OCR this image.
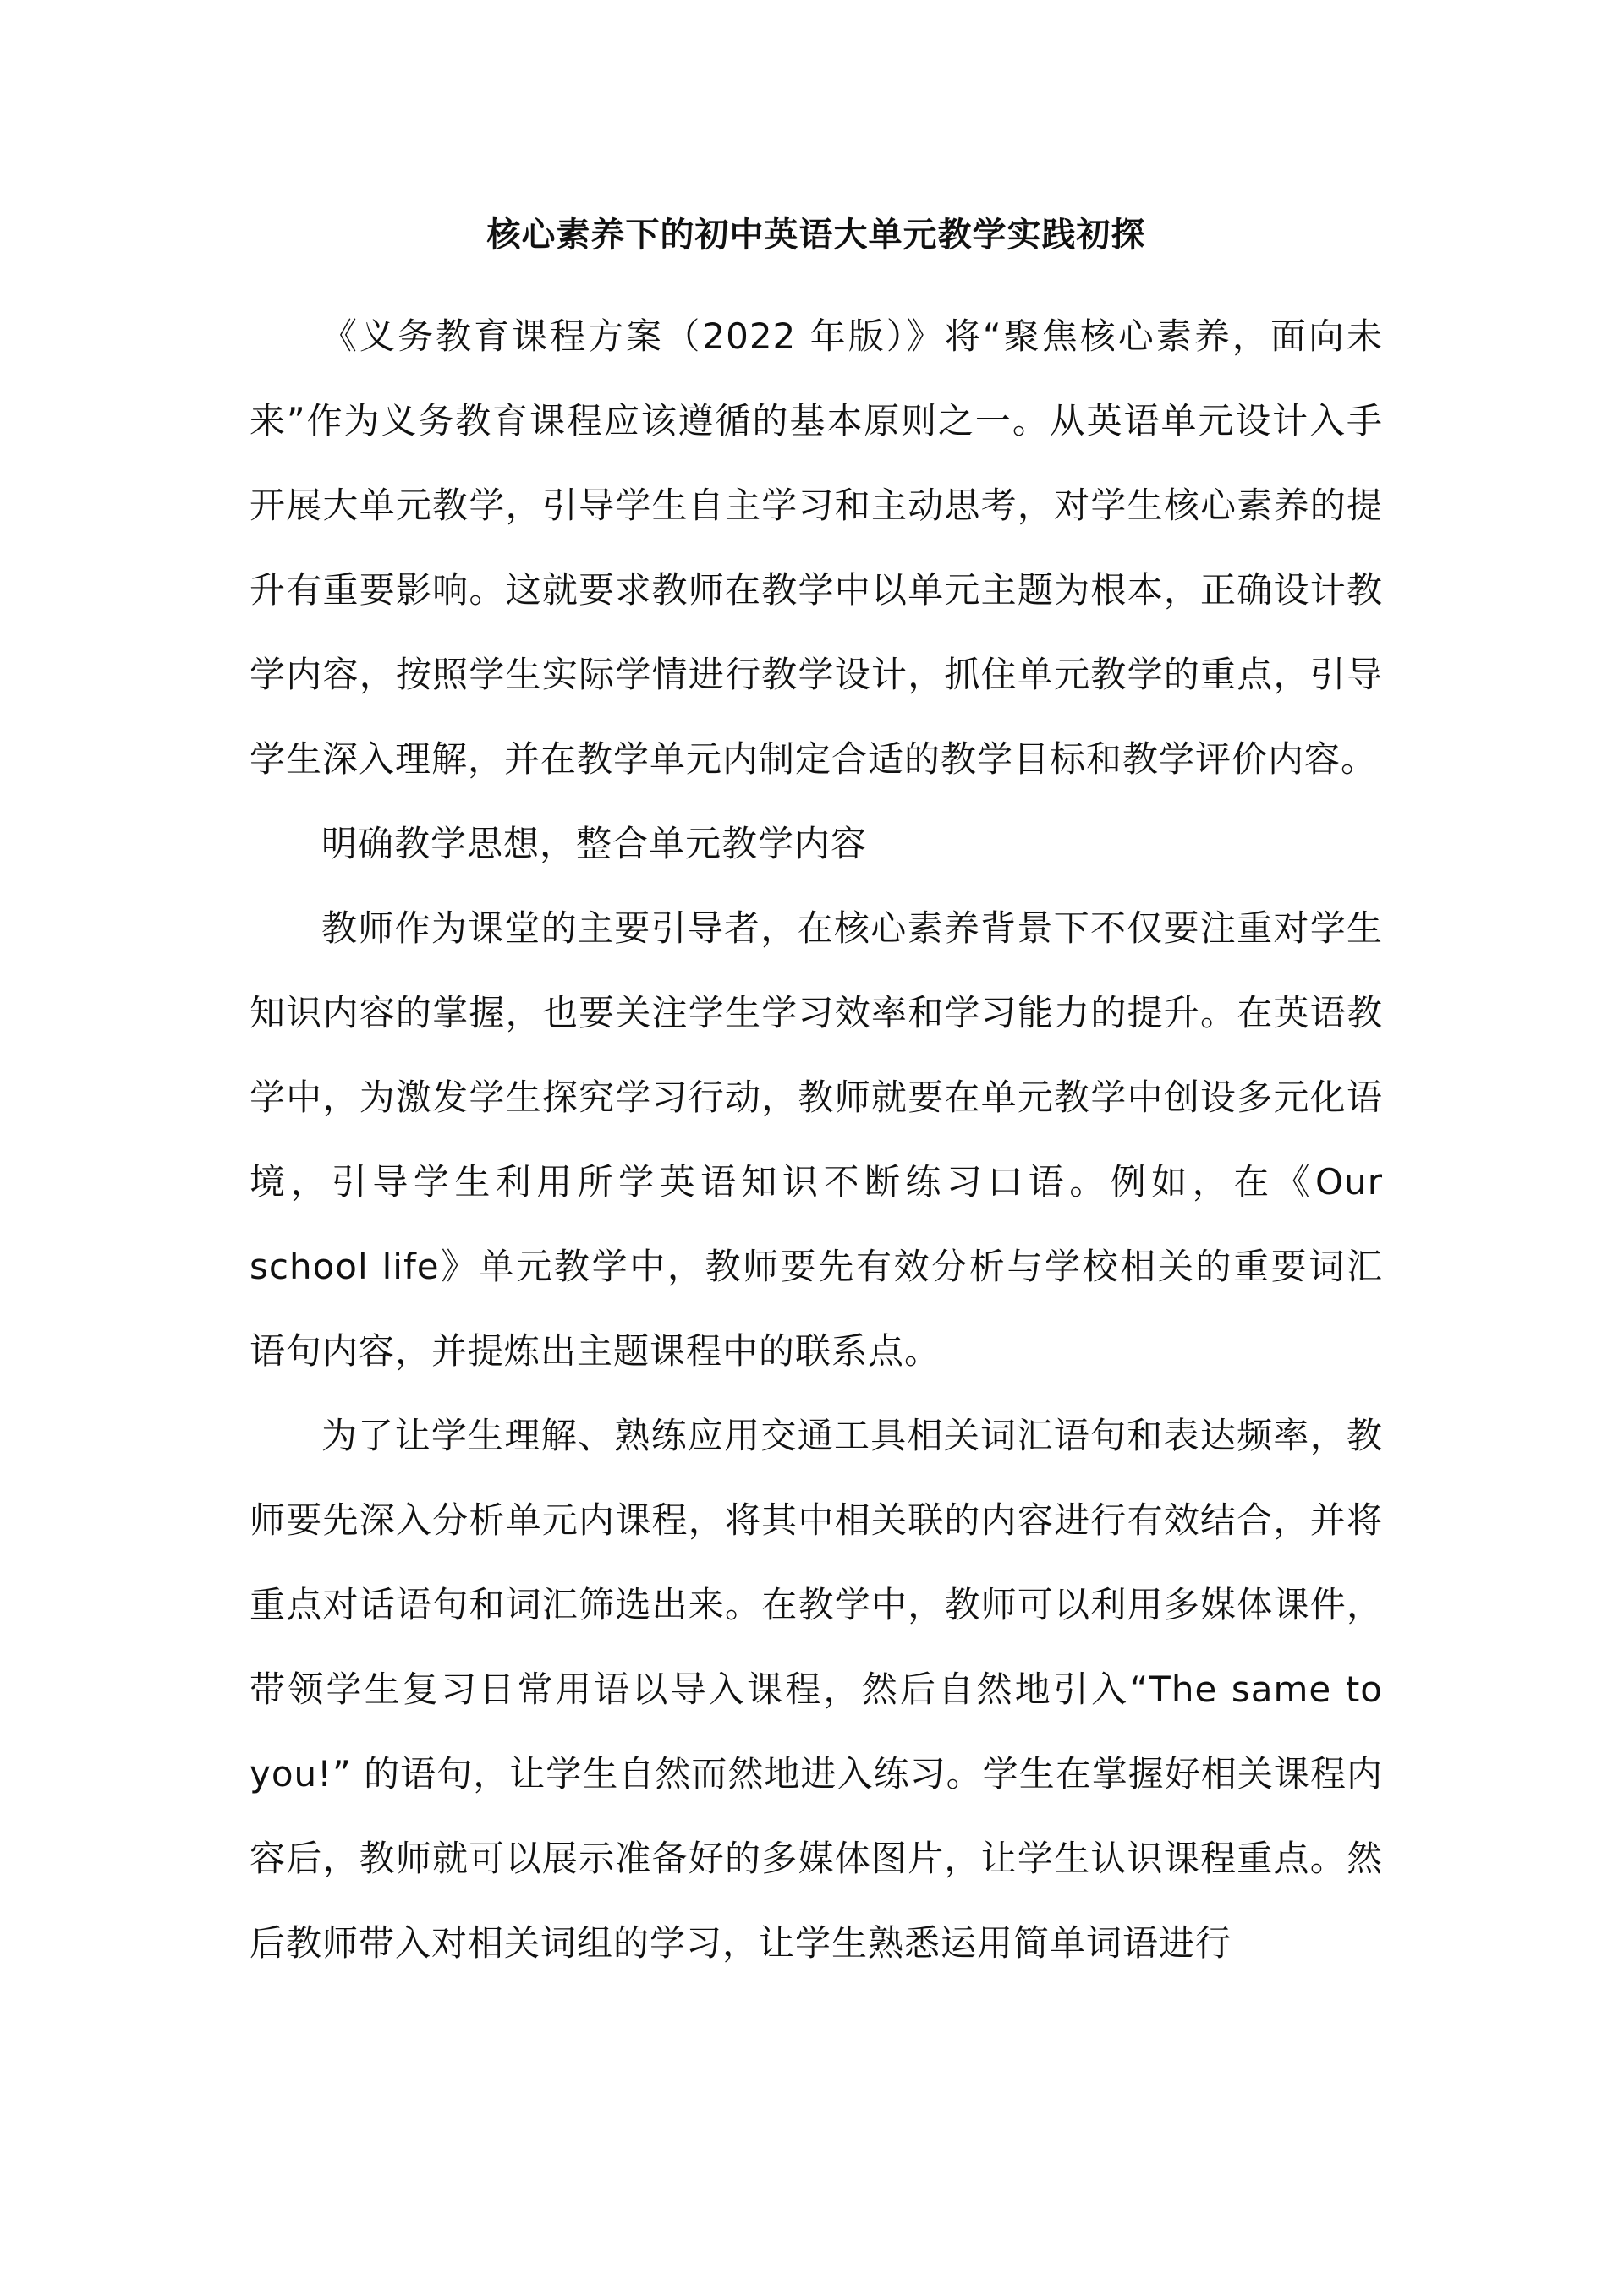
核心素养下的初中英语大单元教学实践初探

《义务教育课程方案（2022 年版）》将“聚焦核心素养，面向未来”作为义务教育课程应该遵循的基本原则之一。从英语单元设计入手开展大单元教学，引导学生自主学习和主动思考，对学生核心素养的提升有重要影响。这就要求教师在教学中以单元主题为根本，正确设计教学内容，按照学生实际学情进行教学设计，抓住单元教学的重点，引导学生深入理解，并在教学单元内制定合适的教学目标和教学评价内容。

明确教学思想，整合单元教学内容

教师作为课堂的主要引导者，在核心素养背景下不仅要注重对学生知识内容的掌握，也要关注学生学习效率和学习能力的提升。在英语教学中，为激发学生探究学习行动，教师就要在单元教学中创设多元化语境，引导学生利用所学英语知识不断练习口语。例如，在《Our school life》单元教学中，教师要先有效分析与学校相关的重要词汇语句内容，并提炼出主题课程中的联系点。

为了让学生理解、熟练应用交通工具相关词汇语句和表达频率，教师要先深入分析单元内课程，将其中相关联的内容进行有效结合，并将重点对话语句和词汇筛选出来。在教学中，教师可以利用多媒体课件，带领学生复习日常用语以导入课程，然后自然地引入“The same to you!” 的语句，让学生自然而然地进入练习。学生在掌握好相关课程内容后，教师就可以展示准备好的多媒体图片，让学生认识课程重点。然后教师带入对相关词组的学习，让学生熟悉运用简单词语进行
